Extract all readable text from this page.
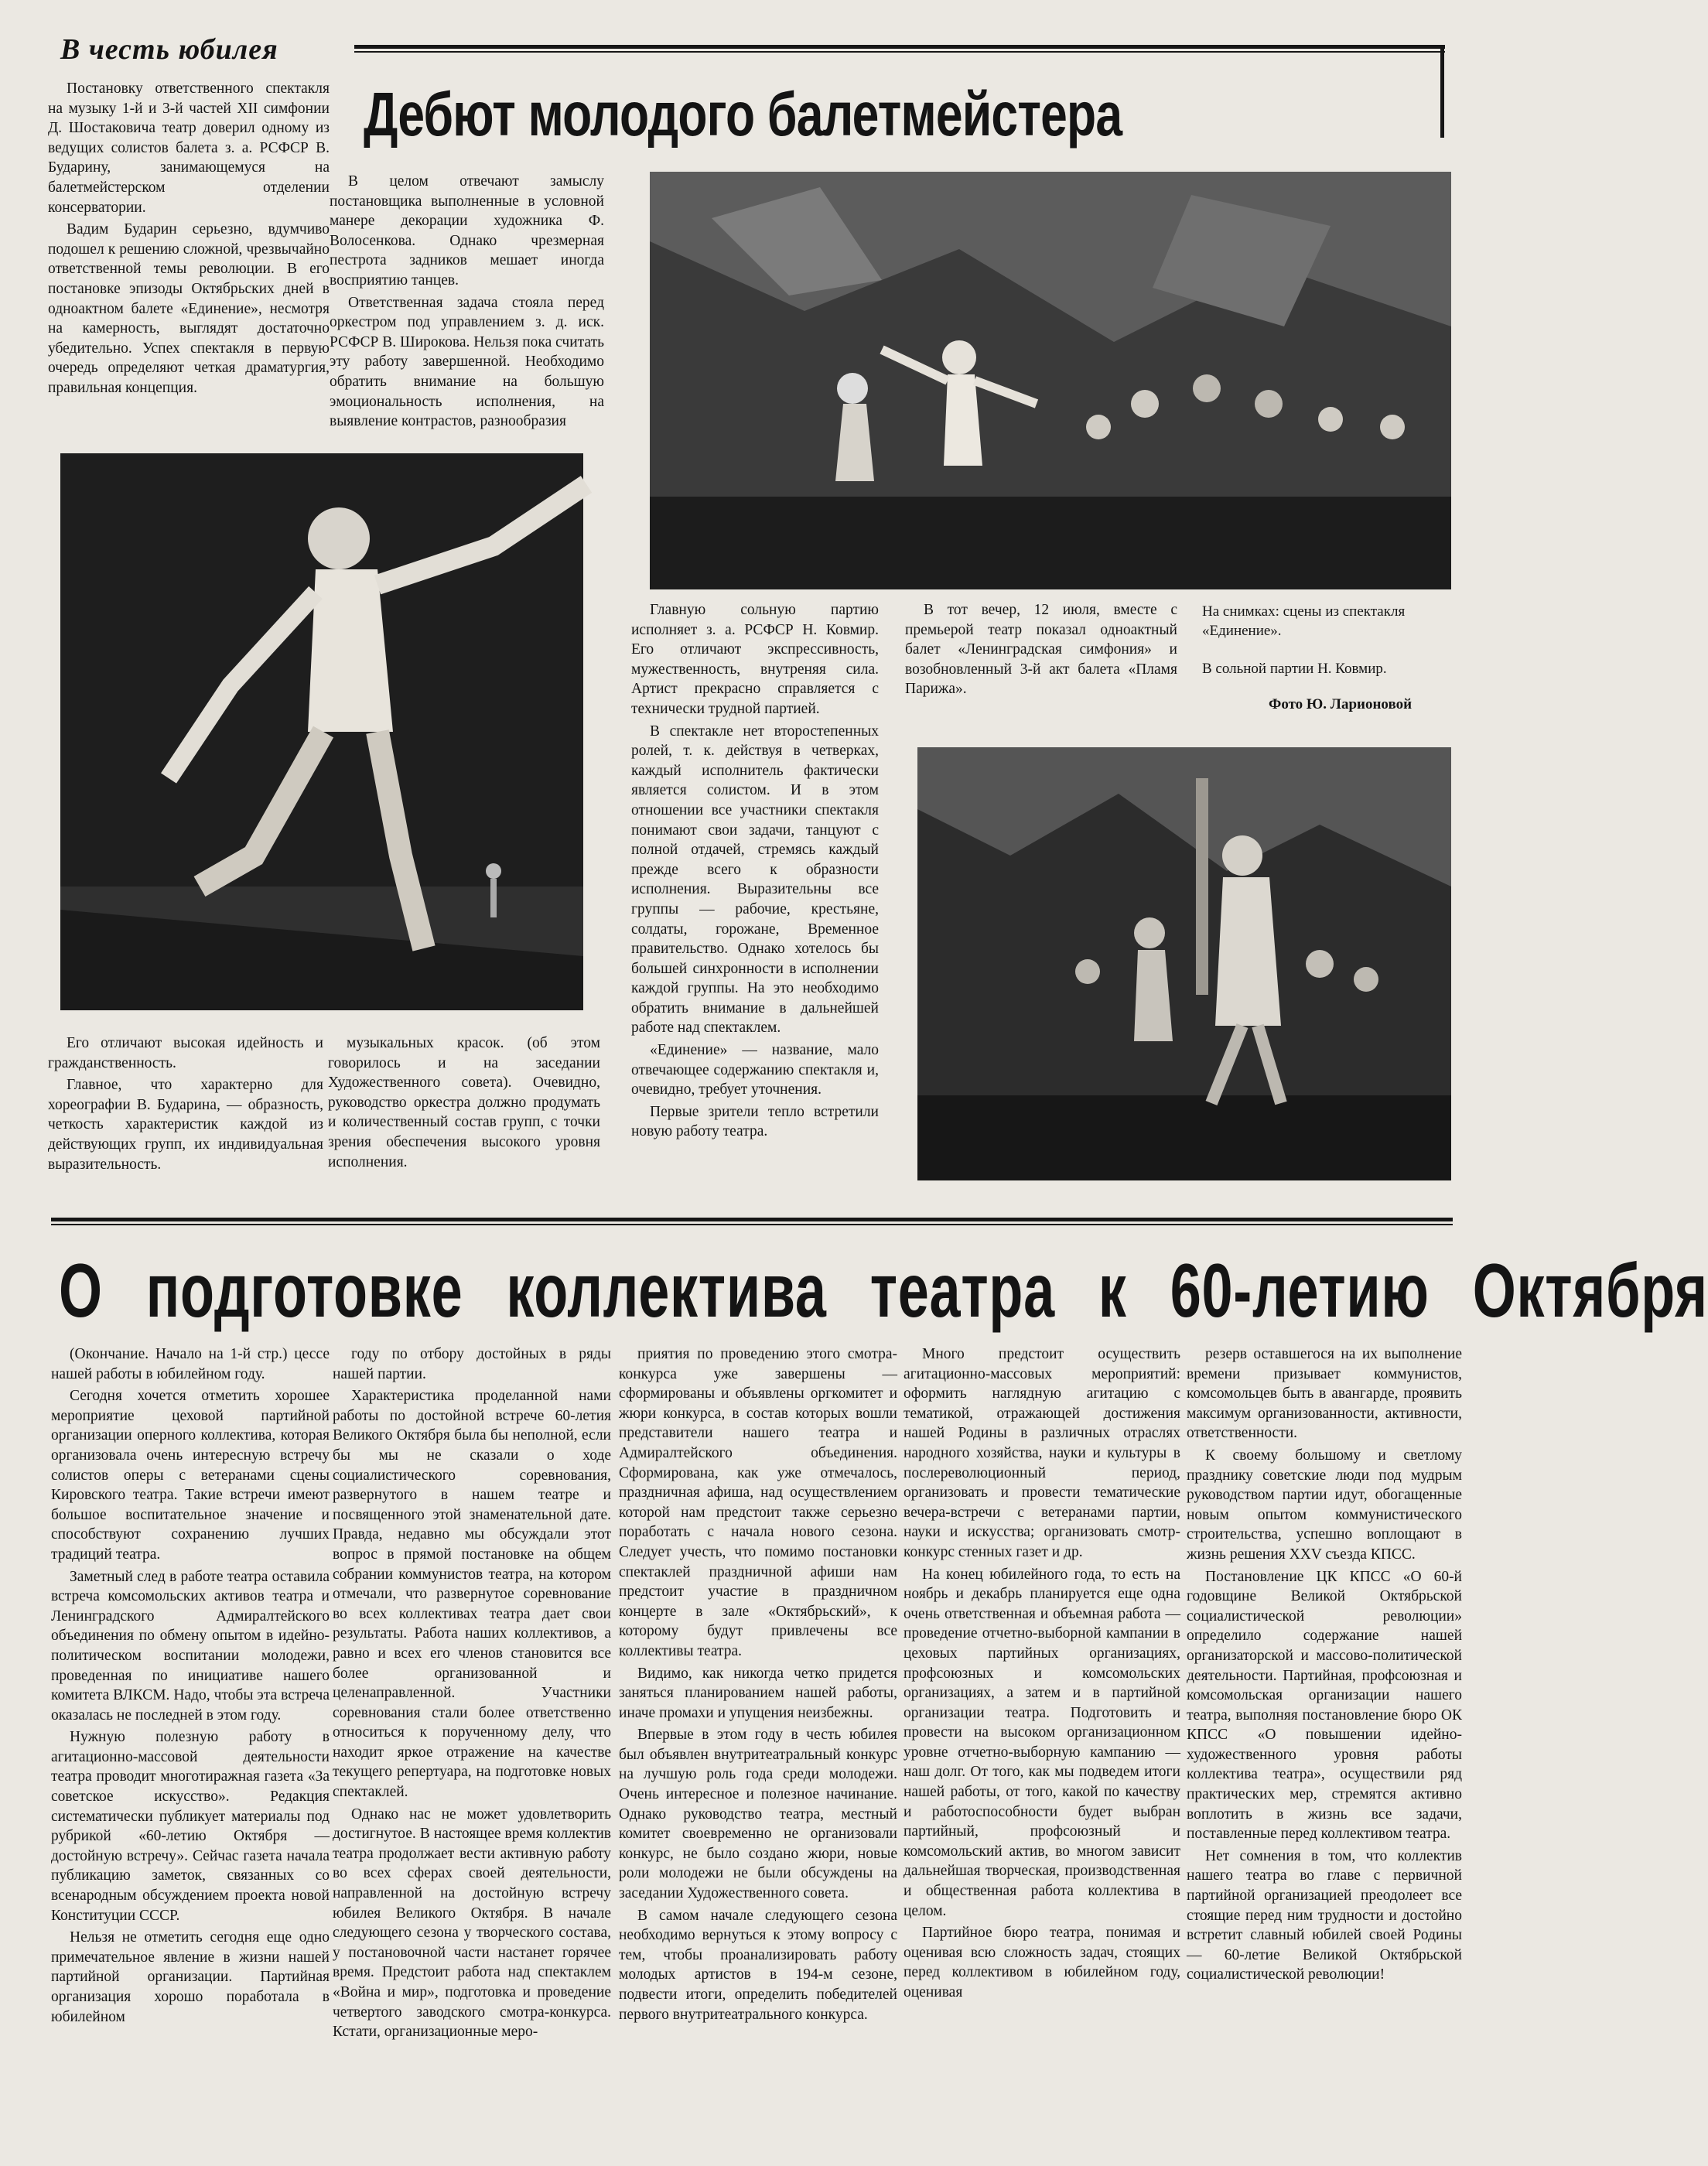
В честь юбилея
Дебют молодого балетмейстера

Постановку ответственного спектакля на музыку 1-й и 3-й частей XII симфонии Д. Шостаковича театр доверил одному из ведущих солистов балета з. а. РСФСР В. Бударину, занимающемуся на балетмейстерском отделении консерватории.

Вадим Бударин серьезно, вдумчиво подошел к решению сложной, чрезвычайно ответственной темы революции. В его постановке эпизоды Октябрьских дней в одноактном балете «Единение», несмотря на камерность, выглядят достаточно убедительно. Успех спектакля в первую очередь определяют четкая драматургия, правильная концепция.

В целом отвечают замыслу постановщика выполненные в условной манере декорации художника Ф. Волосенкова. Однако чрезмерная пестрота задников мешает иногда восприятию танцев.

Ответственная задача стояла перед оркестром под управлением з. д. иск. РСФСР В. Широкова. Нельзя пока считать эту работу завершенной. Необходимо обратить внимание на большую эмоциональность исполнения, на выявление контрастов, разнообразия

Его отличают высокая идейность и гражданственность.

Главное, что характерно для хореографии В. Бударина, — образность, четкость характеристик каждой из действующих групп, их индивидуальная выразительность.

музыкальных красок. (об этом говорилось и на заседании Художественного совета). Очевидно, руководство оркестра должно продумать и количественный состав групп, с точки зрения обеспечения высокого уровня исполнения.

Главную сольную партию исполняет з. а. РСФСР Н. Ковмир. Его отличают экспрессивность, мужественность, внутреняя сила. Артист прекрасно справляется с технически трудной партией.

В спектакле нет второстепенных ролей, т. к. действуя в четверках, каждый исполнитель фактически является солистом. И в этом отношении все участники спектакля понимают свои задачи, танцуют с полной отдачей, стремясь каждый прежде всего к образности исполнения. Выразительны все группы — рабочие, крестьяне, солдаты, горожане, Временное правительство. Однако хотелось бы большей синхронности в исполнении каждой группы. На это необходимо обратить внимание в дальнейшей работе над спектаклем.

«Единение» — название, мало отвечающее содержанию спектакля и, очевидно, требует уточнения.

Первые зрители тепло встретили новую работу театра.

В тот вечер, 12 июля, вместе с премьерой театр показал одноактный балет «Ленинградская симфония» и возобновленный 3-й акт балета «Пламя Парижа».

На снимках: сцены из спектакля «Единение».
В сольной партии Н. Ковмир.
Фото Ю. Ларионовой
О подготовке коллектива театра к 60-летию Октября

(Окончание. Начало на 1-й стр.) цессе нашей работы в юбилейном году.

Сегодня хочется отметить хорошее мероприятие цеховой партийной организации оперного коллектива, которая организовала очень интересную встречу солистов оперы с ветеранами сцены Кировского театра. Такие встречи имеют большое воспитательное значение и способствуют сохранению лучших традиций театра.

Заметный след в работе театра оставила встреча комсомольских активов театра и Ленинградского Адмиралтейского объединения по обмену опытом в идейно-политическом воспитании молодежи, проведенная по инициативе нашего комитета ВЛКСМ. Надо, чтобы эта встреча оказалась не последней в этом году.

Нужную полезную работу в агитационно-массовой деятельности театра проводит многотиражная газета «За советское искусство». Редакция систематически публикует материалы под рубрикой «60-летию Октября — достойную встречу». Сейчас газета начала публикацию заметок, связанных со всенародным обсуждением проекта новой Конституции СССР.

Нельзя не отметить сегодня еще одно примечательное явление в жизни нашей партийной организации. Партийная организация хорошо поработала в юбилейном

году по отбору достойных в ряды нашей партии.

Характеристика проделанной нами работы по достойной встрече 60-летия Великого Октября была бы неполной, если бы мы не сказали о ходе социалистического соревнования, развернутого в нашем театре и посвященного этой знаменательной дате. Правда, недавно мы обсуждали этот вопрос в прямой постановке на общем собрании коммунистов театра, на котором отмечали, что развернутое соревнование во всех коллективах театра дает свои результаты. Работа наших коллективов, а равно и всех его членов становится все более организованной и целенаправленной. Участники соревнования стали более ответственно относиться к порученному делу, что находит яркое отражение на качестве текущего репертуара, на подготовке новых спектаклей.

Однако нас не может удовлетворить достигнутое. В настоящее время коллектив театра продолжает вести активную работу во всех сферах своей деятельности, направленной на достойную встречу юбилея Великого Октября. В начале следующего сезона у творческого состава, у постановочной части настанет горячее время. Предстоит работа над спектаклем «Война и мир», подготовка и проведение четвертого заводского смотра-конкурса. Кстати, организационные меро-

приятия по проведению этого смотра-конкурса уже завершены — сформированы и объявлены оргкомитет и жюри конкурса, в состав которых вошли представители нашего театра и Адмиралтейского объединения. Сформирована, как уже отмечалось, праздничная афиша, над осуществлением которой нам предстоит также серьезно поработать с начала нового сезона. Следует учесть, что помимо постановки спектаклей праздничной афиши нам предстоит участие в праздничном концерте в зале «Октябрьский», к которому будут привлечены все коллективы театра.

Видимо, как никогда четко придется заняться планированием нашей работы, иначе промахи и упущения неизбежны.

Впервые в этом году в честь юбилея был объявлен внутритеатральный конкурс на лучшую роль года среди молодежи. Очень интересное и полезное начинание. Однако руководство театра, местный комитет своевременно не организовали конкурс, не было создано жюри, новые роли молодежи не были обсуждены на заседании Художественного совета.

В самом начале следующего сезона необходимо вернуться к этому вопросу с тем, чтобы проанализировать работу молодых артистов в 194-м сезоне, подвести итоги, определить победителей первого внутритеатрального конкурса.

Много предстоит осуществить агитационно-массовых мероприятий: оформить наглядную агитацию с тематикой, отражающей достижения нашей Родины в различных отраслях народного хозяйства, науки и культуры в послереволюционный период, организовать и провести тематические вечера-встречи с ветеранами партии, науки и искусства; организовать смотр-конкурс стенных газет и др.

На конец юбилейного года, то есть на ноябрь и декабрь планируется еще одна очень ответственная и объемная работа — проведение отчетно-выборной кампании в цеховых партийных организациях, профсоюзных и комсомольских организациях, а затем и в партийной организации театра. Подготовить и провести на высоком организационном уровне отчетно-выборную кампанию — наш долг. От того, как мы подведем итоги нашей работы, от того, какой по качеству и работоспособности будет выбран партийный, профсоюзный и комсомольский актив, во многом зависит дальнейшая творческая, производственная и общественная работа коллектива в целом.

Партийное бюро театра, понимая и оценивая всю сложность задач, стоящих перед коллективом в юбилейном году, оценивая

резерв оставшегося на их выполнение времени призывает коммунистов, комсомольцев быть в авангарде, проявить максимум организованности, активности, ответственности.

К своему большому и светлому празднику советские люди под мудрым руководством партии идут, обогащенные новым опытом коммунистического строительства, успешно воплощают в жизнь решения XXV съезда КПСС.

Постановление ЦК КПСС «О 60-й годовщине Великой Октябрьской социалистической революции» определило содержание нашей организаторской и массово-политической деятельности. Партийная, профсоюзная и комсомольская организации нашего театра, выполняя постановление бюро ОК КПСС «О повышении идейно-художественного уровня работы коллектива театра», осуществили ряд практических мер, стремятся активно воплотить в жизнь все задачи, поставленные перед коллективом театра.

Нет сомнения в том, что коллектив нашего театра во главе с первичной партийной организацией преодолеет все стоящие перед ним трудности и достойно встретит славный юбилей своей Родины — 60-летие Великой Октябрьской социалистической революции!
